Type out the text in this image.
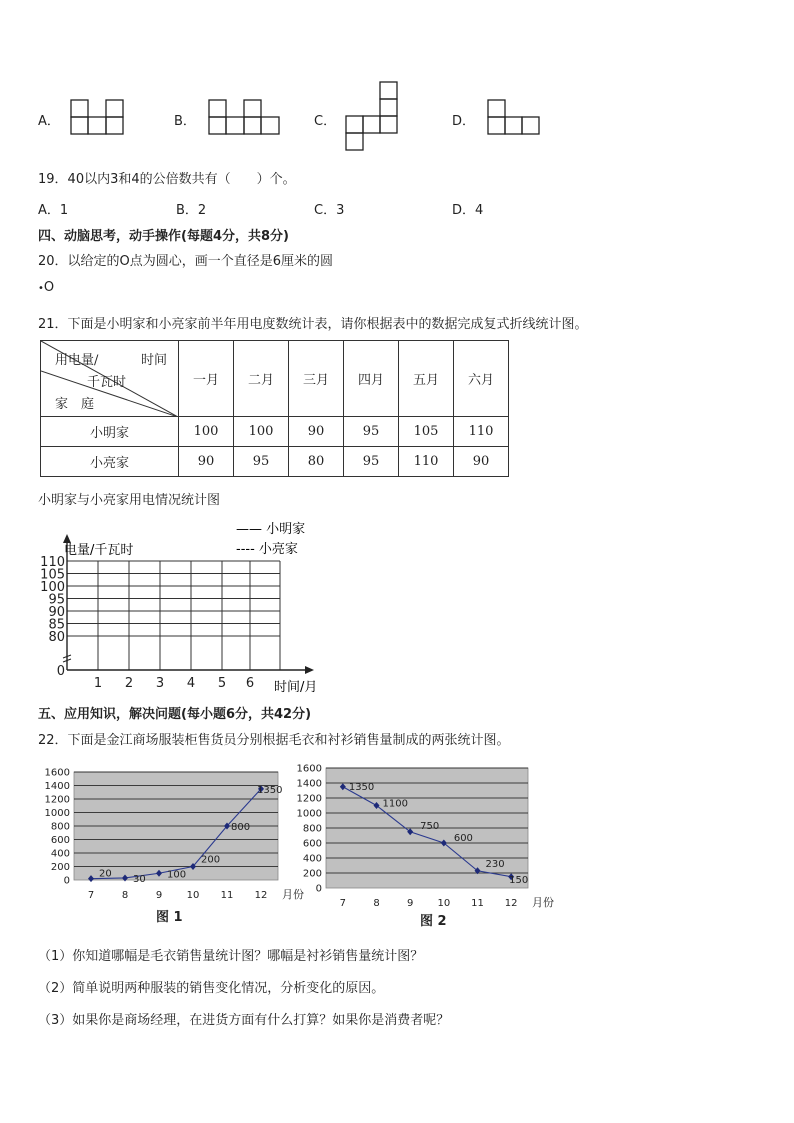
A．	B．	C．	D．
19．40以内3和4的公倍数共有（　　）个。
A．1	B．2	C．3	D．4
四、动脑思考，动手操作(每题4分，共8分)
20．以给定的O点为圆心，画一个直径是6厘米的圆
•O
21．下面是小明家和小亮家前半年用电度数统计表，请你根据表中的数据完成复式折线统计图。
用电量/ 时间
千瓦时
家　庭	一月	二月	三月	四月	五月	六月
小明家	100	100	90	95	105	110
小亮家	90	95	80	95	110	90
小明家与小亮家用电情况统计图
—— 小明家
---- 小亮家
电量/千瓦时
时间/月
110
105
100
95
90
85
80
0
1 2 3 4 5 6
五、应用知识，解决问题(每小题6分，共42分)
22．下面是金江商场服装柜售货员分别根据毛衣和衬衫销售量制成的两张统计图。
0
200
400
600
800
1000
1200
1400
1600
20 30 100
200
800
1350
7	8	9 10 11 12 月份
图 1
0
200
400
600
800
1000
1200
1400
1600
1350
1100
750
600
230
150
7	8	9 10 11 12 月份
图 2
（1）你知道哪幅是毛衣销售量统计图？哪幅是衬衫销售量统计图？
（2）简单说明两种服装的销售变化情况，分析变化的原因。
（3）如果你是商场经理，在进货方面有什么打算？如果你是消费者呢？
